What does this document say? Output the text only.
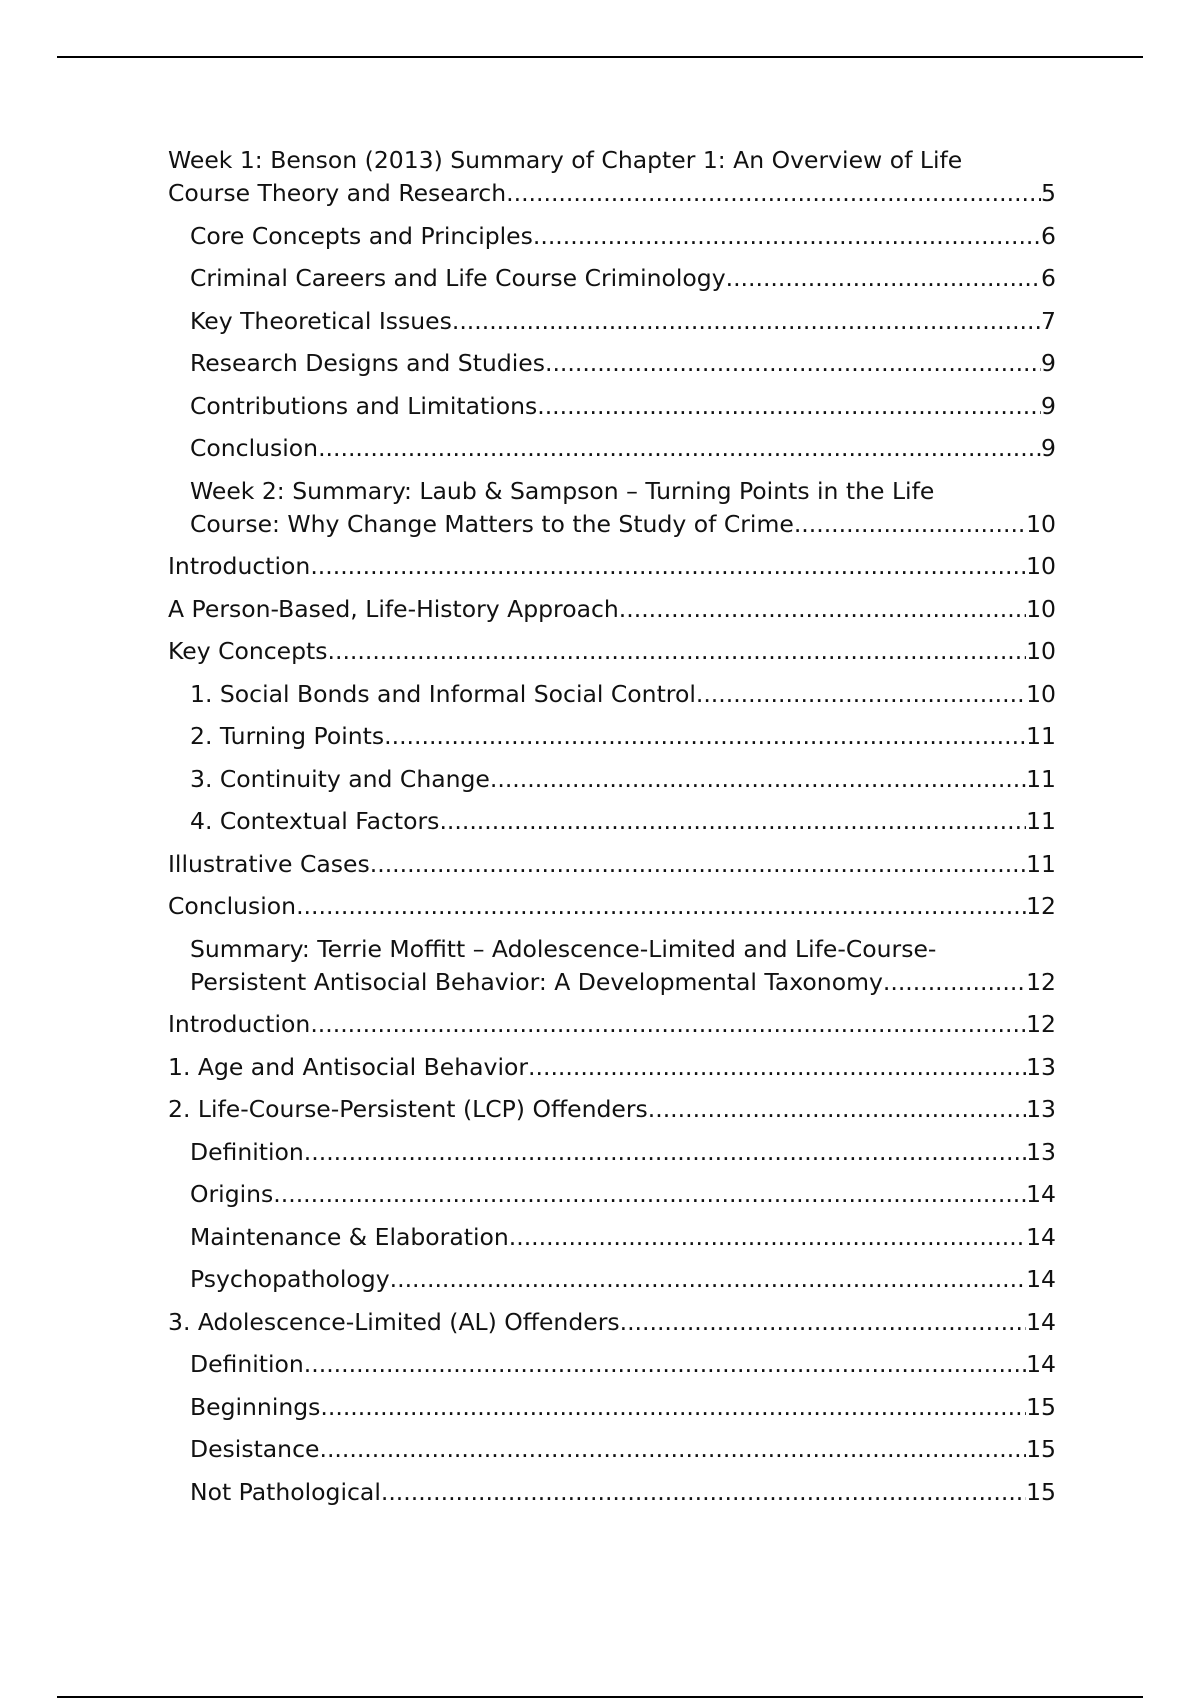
Week 1: Benson (2013) Summary of Chapter 1: An Overview of Life
Course Theory and Research .....	5
Core Concepts and Principles .....	6
Criminal Careers and Life Course Criminology .....	6
Key Theoretical Issues .....	7
Research Designs and Studies .....	9
Contributions and Limitations .....	9
Conclusion .....	9
Week 2: Summary: Laub & Sampson – Turning Points in the Life
Course: Why Change Matters to the Study of Crime .....	10
Introduction .....	10
A Person-Based, Life-History Approach .....	10
Key Concepts .....	10
1. Social Bonds and Informal Social Control .....	10
2. Turning Points .....	11
3. Continuity and Change .....	11
4. Contextual Factors .....	11
Illustrative Cases .....	11
Conclusion .....	12
Summary: Terrie Moffitt – Adolescence-Limited and Life-Course-
Persistent Antisocial Behavior: A Developmental Taxonomy .....	12
Introduction .....	12
1. Age and Antisocial Behavior .....	13
2. Life-Course-Persistent (LCP) Offenders .....	13
Definition .....	13
Origins .....	14
Maintenance & Elaboration .....	14
Psychopathology .....	14
3. Adolescence-Limited (AL) Offenders .....	14
Definition .....	14
Beginnings .....	15
Desistance .....	15
Not Pathological .....	15
